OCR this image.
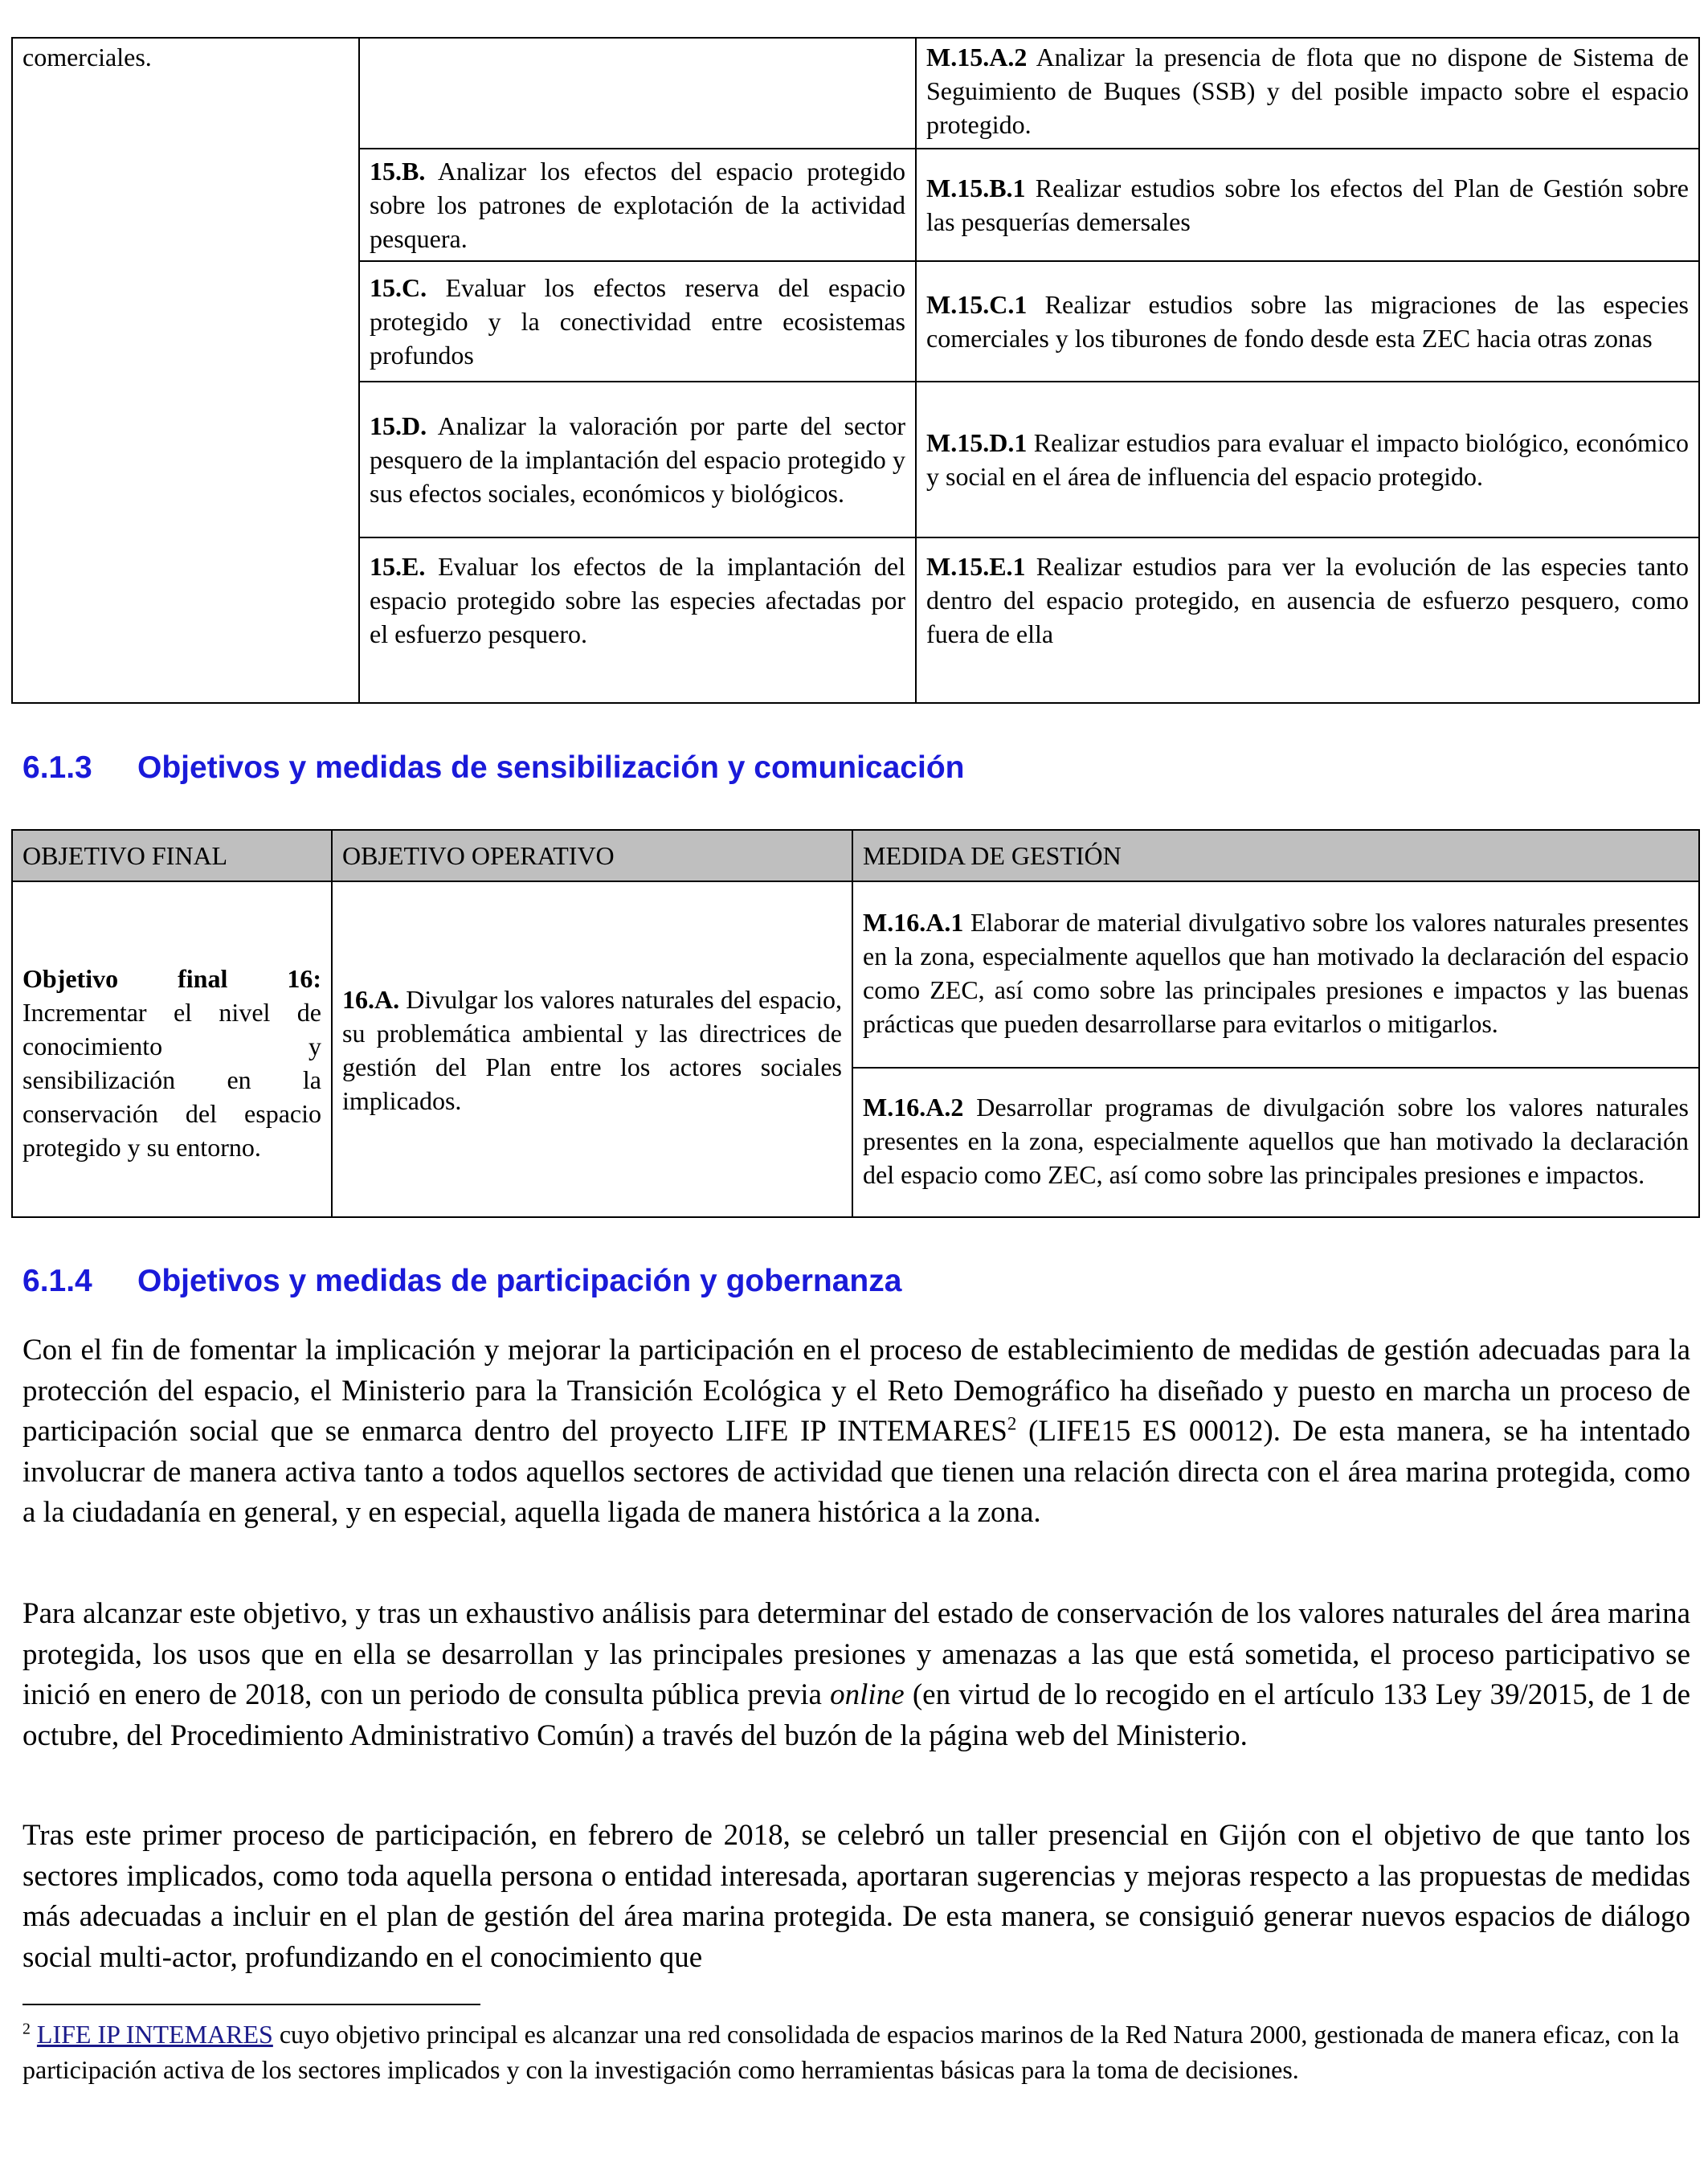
comerciales.		M.15.A.2 Analizar la presencia de flota que no dispone de Sistema de Seguimiento de Buques (SSB) y del posible impacto sobre el espacio protegido.
	15.B. Analizar los efectos del espacio protegido sobre los patrones de explotación de la actividad pesquera.	M.15.B.1 Realizar estudios sobre los efectos del Plan de Gestión sobre las pesquerías demersales
	15.C. Evaluar los efectos reserva del espacio protegido y la conectividad entre ecosistemas profundos	M.15.C.1 Realizar estudios sobre las migraciones de las especies comerciales y los tiburones de fondo desde esta ZEC hacia otras zonas
	15.D. Analizar la valoración por parte del sector pesquero de la implantación del espacio protegido y sus efectos sociales, económicos y biológicos.	M.15.D.1 Realizar estudios para evaluar el impacto biológico, económico y social en el área de influencia del espacio protegido.
	15.E. Evaluar los efectos de la implantación del espacio protegido sobre las especies afectadas por el esfuerzo pesquero.	M.15.E.1 Realizar estudios para ver la evolución de las especies tanto dentro del espacio protegido, en ausencia de esfuerzo pesquero, como fuera de ella
6.1.3 Objetivos y medidas de sensibilización y comunicación
OBJETIVO FINAL	OBJETIVO OPERATIVO	MEDIDA DE GESTIÓN

Objetivo final 16:
Incrementar el nivel de conocimiento y sensibilización en la conservación del espacio protegido y su entorno.	16.A. Divulgar los valores naturales del espacio, su problemática ambiental y las directrices de gestión del Plan entre los actores sociales implicados.	M.16.A.1 Elaborar de material divulgativo sobre los valores naturales presentes en la zona, especialmente aquellos que han motivado la declaración del espacio como ZEC, así como sobre las principales presiones e impactos y las buenas prácticas que pueden desarrollarse para evitarlos o mitigarlos.
		M.16.A.2 Desarrollar programas de divulgación sobre los valores naturales presentes en la zona, especialmente aquellos que han motivado la declaración del espacio como ZEC, así como sobre las principales presiones e impactos.
6.1.4 Objetivos y medidas de participación y gobernanza

Con el fin de fomentar la implicación y mejorar la participación en el proceso de establecimiento de medidas de gestión adecuadas para la protección del espacio, el Ministerio para la Transición Ecológica y el Reto Demográfico ha diseñado y puesto en marcha un proceso de participación social que se enmarca dentro del proyecto LIFE IP INTEMARES$^2$ (LIFE15 ES 00012). De esta manera, se ha intentado involucrar de manera activa tanto a todos aquellos sectores de actividad que tienen una relación directa con el área marina protegida, como a la ciudadanía en general, y en especial, aquella ligada de manera histórica a la zona.

Para alcanzar este objetivo, y tras un exhaustivo análisis para determinar del estado de conservación de los valores naturales del área marina protegida, los usos que en ella se desarrollan y las principales presiones y amenazas a las que está sometida, el proceso participativo se inició en enero de 2018, con un periodo de consulta pública previa online (en virtud de lo recogido en el artículo 133 Ley 39/2015, de 1 de octubre, del Procedimiento Administrativo Común) a través del buzón de la página web del Ministerio.

Tras este primer proceso de participación, en febrero de 2018, se celebró un taller presencial en Gijón con el objetivo de que tanto los sectores implicados, como toda aquella persona o entidad interesada, aportaran sugerencias y mejoras respecto a las propuestas de medidas más adecuadas a incluir en el plan de gestión del área marina protegida. De esta manera, se consiguió generar nuevos espacios de diálogo social multi-actor, profundizando en el conocimiento que

$^2$ LIFE IP INTEMARES cuyo objetivo principal es alcanzar una red consolidada de espacios marinos de la Red Natura 2000, gestionada de manera eficaz, con la participación activa de los sectores implicados y con la investigación como herramientas básicas para la toma de decisiones.
